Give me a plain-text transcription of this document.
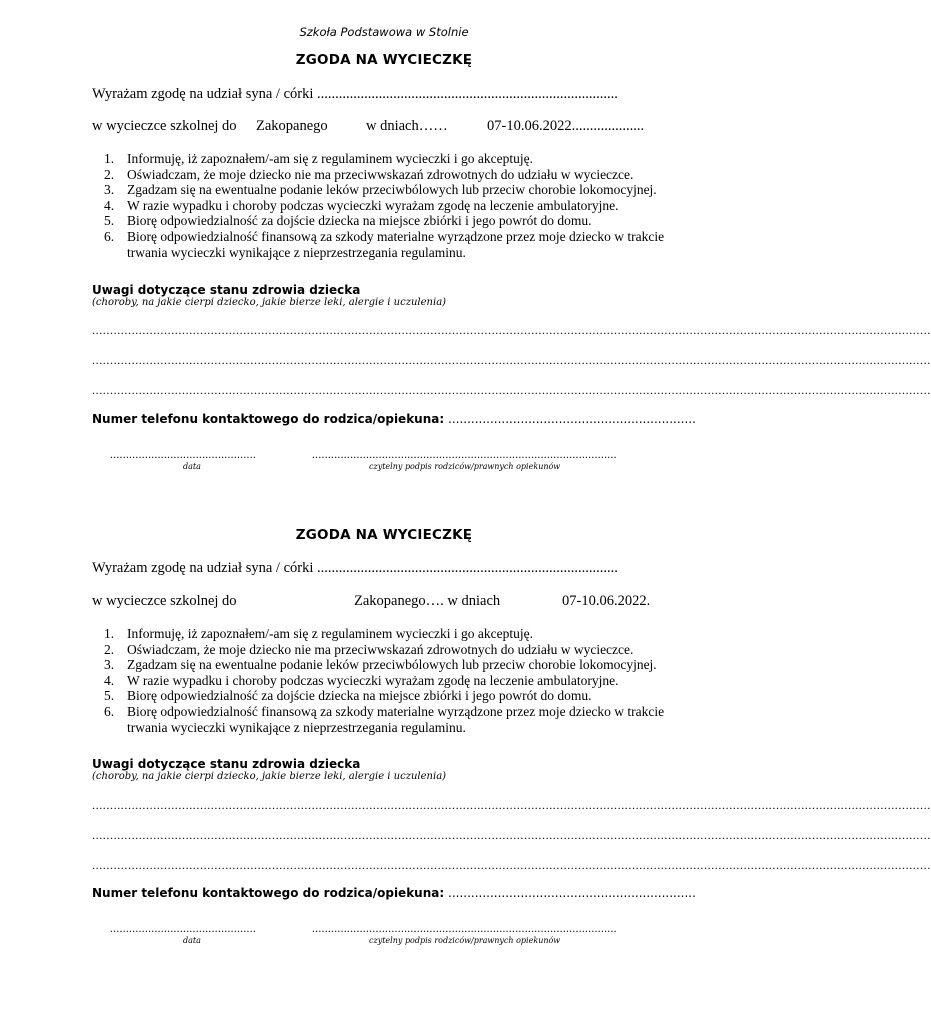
Szkoła Podstawowa w Stolnie
ZGODA NA WYCIECZKĘ
Wyrażam zgodę na udział syna / córki ...................................................................................
w wycieczce szkolnej do Zakopanego	w dniach……	07-10.06.2022....................
1. Informuję, iż zapoznałem/-am się z regulaminem wycieczki i go akceptuję.
2. Oświadczam, że moje dziecko nie ma przeciwwskazań zdrowotnych do udziału w wycieczce.
3. Zgadzam się na ewentualne podanie leków przeciwbólowych lub przeciw chorobie lokomocyjnej.
4. W razie wypadku i choroby podczas wycieczki wyrażam zgodę na leczenie ambulatoryjne.
5. Biorę odpowiedzialność za dojście dziecka na miejsce zbiórki i jego powrót do domu.
6. Biorę odpowiedzialność finansową za szkody materialne wyrządzone przez moje dziecko w trakcie trwania wycieczki wynikające z nieprzestrzegania regulaminu.
Uwagi dotyczące stanu zdrowia dziecka
(choroby, na jakie cierpi dziecko, jakie bierze leki, alergie i uczulenia)
.........................................................................................................................................................................................................................................
.........................................................................................................................................................................................................................................
.........................................................................................................................................................................................................................................
Numer telefonu kontaktowego do rodzica/opiekuna: .................................................................
..............................................	................................................................................................
data	czytelny podpis rodziców/prawnych opiekunów
ZGODA NA WYCIECZKĘ
Wyrażam zgodę na udział syna / córki ...................................................................................
w wycieczce szkolnej do	Zakopanego…. w dniach	07-10.06.2022.
1. Informuję, iż zapoznałem/-am się z regulaminem wycieczki i go akceptuję.
2. Oświadczam, że moje dziecko nie ma przeciwwskazań zdrowotnych do udziału w wycieczce.
3. Zgadzam się na ewentualne podanie leków przeciwbólowych lub przeciw chorobie lokomocyjnej.
4. W razie wypadku i choroby podczas wycieczki wyrażam zgodę na leczenie ambulatoryjne.
5. Biorę odpowiedzialność za dojście dziecka na miejsce zbiórki i jego powrót do domu.
6. Biorę odpowiedzialność finansową za szkody materialne wyrządzone przez moje dziecko w trakcie trwania wycieczki wynikające z nieprzestrzegania regulaminu.
Uwagi dotyczące stanu zdrowia dziecka
(choroby, na jakie cierpi dziecko, jakie bierze leki, alergie i uczulenia)
.........................................................................................................................................................................................................................................
.........................................................................................................................................................................................................................................
.........................................................................................................................................................................................................................................
Numer telefonu kontaktowego do rodzica/opiekuna: .................................................................
..............................................	................................................................................................
data	czytelny podpis rodziców/prawnych opiekunów
